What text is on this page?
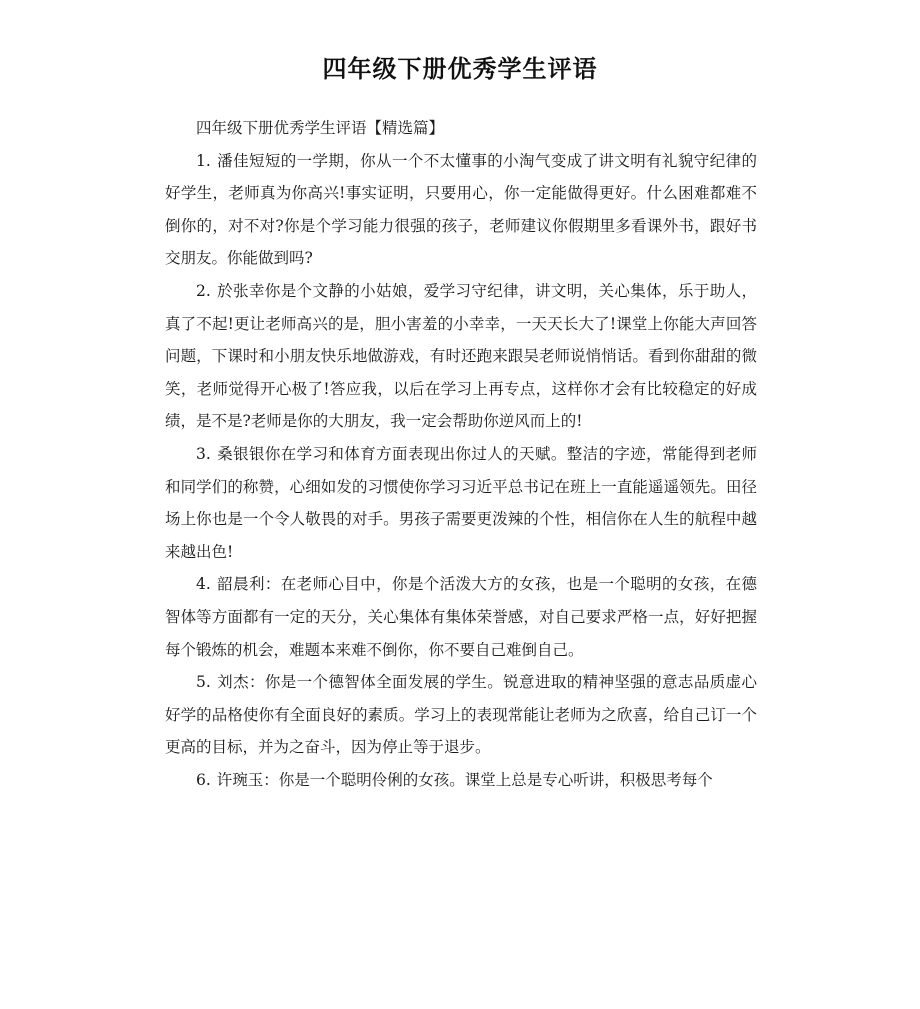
四年级下册优秀学生评语

四年级下册优秀学生评语【精选篇】

1. 潘佳短短的一学期，你从一个不太懂事的小淘气变成了讲文明有礼貌守纪律的好学生，老师真为你高兴!事实证明，只要用心，你一定能做得更好。什么困难都难不倒你的，对不对?你是个学习能力很强的孩子，老师建议你假期里多看课外书，跟好书交朋友。你能做到吗?

2. 於张幸你是个文静的小姑娘，爱学习守纪律，讲文明，关心集体，乐于助人，真了不起!更让老师高兴的是，胆小害羞的小幸幸，一天天长大了!课堂上你能大声回答问题，下课时和小朋友快乐地做游戏，有时还跑来跟吴老师说悄悄话。看到你甜甜的微笑，老师觉得开心极了!答应我，以后在学习上再专点，这样你才会有比较稳定的好成绩，是不是?老师是你的大朋友，我一定会帮助你逆风而上的!

3. 桑银银你在学习和体育方面表现出你过人的天赋。整洁的字迹，常能得到老师和同学们的称赞，心细如发的习惯使你学习习近平总书记在班上一直能遥遥领先。田径场上你也是一个令人敬畏的对手。男孩子需要更泼辣的个性，相信你在人生的航程中越来越出色!

4. 韶晨利：在老师心目中，你是个活泼大方的女孩，也是一个聪明的女孩，在德智体等方面都有一定的天分，关心集体有集体荣誉感，对自己要求严格一点，好好把握每个锻炼的机会，难题本来难不倒你，你不要自己难倒自己。

5. 刘杰：你是一个德智体全面发展的学生。锐意进取的精神坚强的意志品质虚心好学的品格使你有全面良好的素质。学习上的表现常能让老师为之欣喜，给自己订一个更高的目标，并为之奋斗，因为停止等于退步。

6. 许琬玉：你是一个聪明伶俐的女孩。课堂上总是专心听讲，积极思考每个
